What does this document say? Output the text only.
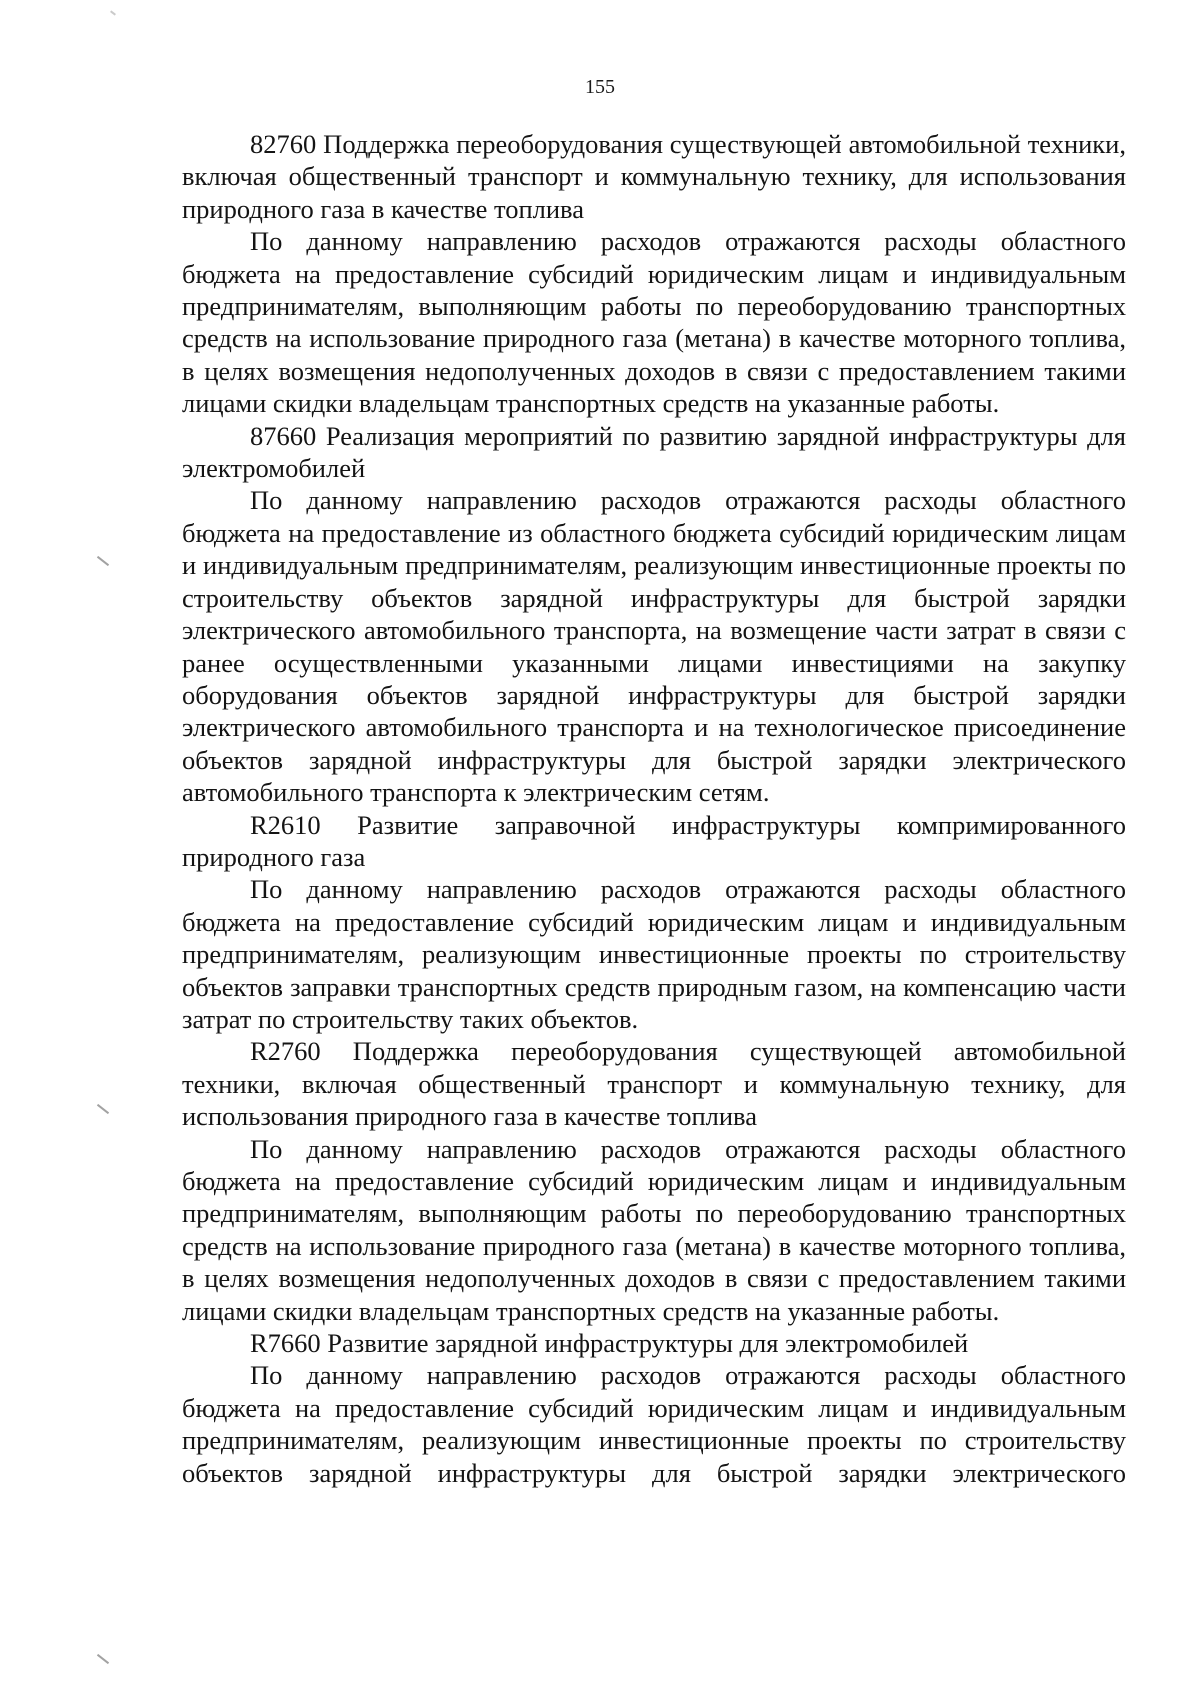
155

82760 Поддержка переоборудования существующей автомобильной техники, включая общественный транспорт и коммунальную технику, для использования природного газа в качестве топлива

По данному направлению расходов отражаются расходы областного бюджета на предоставление субсидий юридическим лицам и индивидуальным предпринимателям, выполняющим работы по переоборудованию транспортных средств на использование природного газа (метана) в качестве моторного топлива, в целях возмещения недополученных доходов в связи с предоставлением такими лицами скидки владельцам транспортных средств на указанные работы.

87660 Реализация мероприятий по развитию зарядной инфраструктуры для электромобилей

По данному направлению расходов отражаются расходы областного бюджета на предоставление из областного бюджета субсидий юридическим лицам и индивидуальным предпринимателям, реализующим инвестиционные проекты по строительству объектов зарядной инфраструктуры для быстрой зарядки электрического автомобильного транспорта, на возмещение части затрат в связи с ранее осуществленными указанными лицами инвестициями на закупку оборудования объектов зарядной инфраструктуры для быстрой зарядки электрического автомобильного транспорта и на технологическое присоединение объектов зарядной инфраструктуры для быстрой зарядки электрического автомобильного транспорта к электрическим сетям.

R2610 Развитие заправочной инфраструктуры компримированного природного газа

По данному направлению расходов отражаются расходы областного бюджета на предоставление субсидий юридическим лицам и индивидуальным предпринимателям, реализующим инвестиционные проекты по строительству объектов заправки транспортных средств природным газом, на компенсацию части затрат по строительству таких объектов.

R2760 Поддержка переоборудования существующей автомобильной техники, включая общественный транспорт и коммунальную технику, для использования природного газа в качестве топлива

По данному направлению расходов отражаются расходы областного бюджета на предоставление субсидий юридическим лицам и индивидуальным предпринимателям, выполняющим работы по переоборудованию транспортных средств на использование природного газа (метана) в качестве моторного топлива, в целях возмещения недополученных доходов в связи с предоставлением такими лицами скидки владельцам транспортных средств на указанные работы.

R7660 Развитие зарядной инфраструктуры для электромобилей

По данному направлению расходов отражаются расходы областного бюджета на предоставление субсидий юридическим лицам и индивидуальным предпринимателям, реализующим инвестиционные проекты по строительству объектов зарядной инфраструктуры для быстрой зарядки электрического
